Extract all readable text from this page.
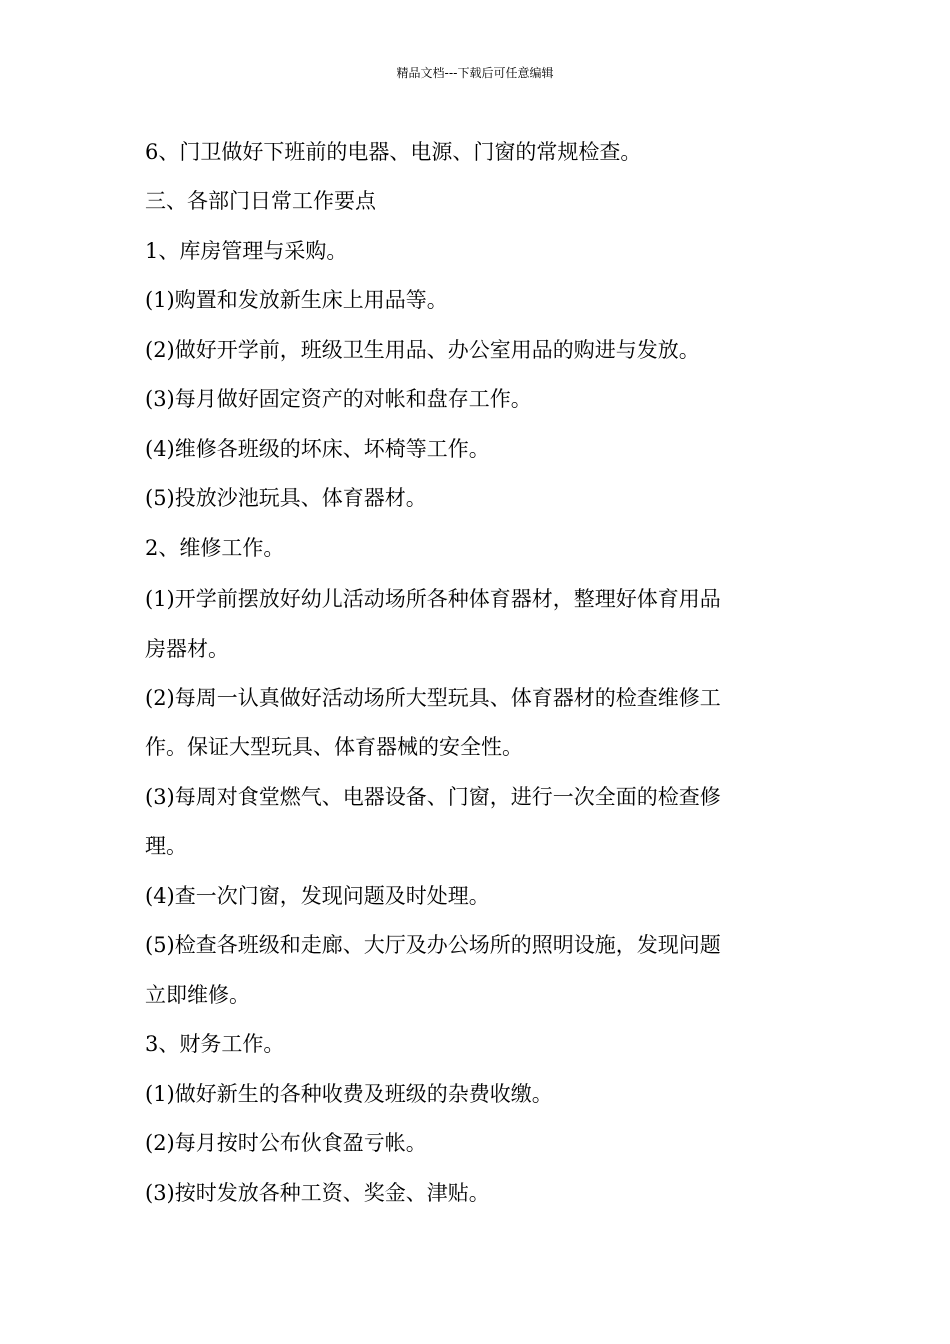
精品文档---下载后可任意编辑
6、门卫做好下班前的电器、电源、门窗的常规检查。
三、各部门日常工作要点
1、库房管理与采购。
(1)购置和发放新生床上用品等。
(2)做好开学前，班级卫生用品、办公室用品的购进与发放。
(3)每月做好固定资产的对帐和盘存工作。
(4)维修各班级的坏床、坏椅等工作。
(5)投放沙池玩具、体育器材。
2、维修工作。
(1)开学前摆放好幼儿活动场所各种体育器材，整理好体育用品
房器材。
(2)每周一认真做好活动场所大型玩具、体育器材的检查维修工
作。保证大型玩具、体育器械的安全性。
(3)每周对食堂燃气、电器设备、门窗，进行一次全面的检查修
理。
(4)查一次门窗，发现问题及时处理。
(5)检查各班级和走廊、大厅及办公场所的照明设施，发现问题
立即维修。
3、财务工作。
(1)做好新生的各种收费及班级的杂费收缴。
(2)每月按时公布伙食盈亏帐。
(3)按时发放各种工资、奖金、津贴。
